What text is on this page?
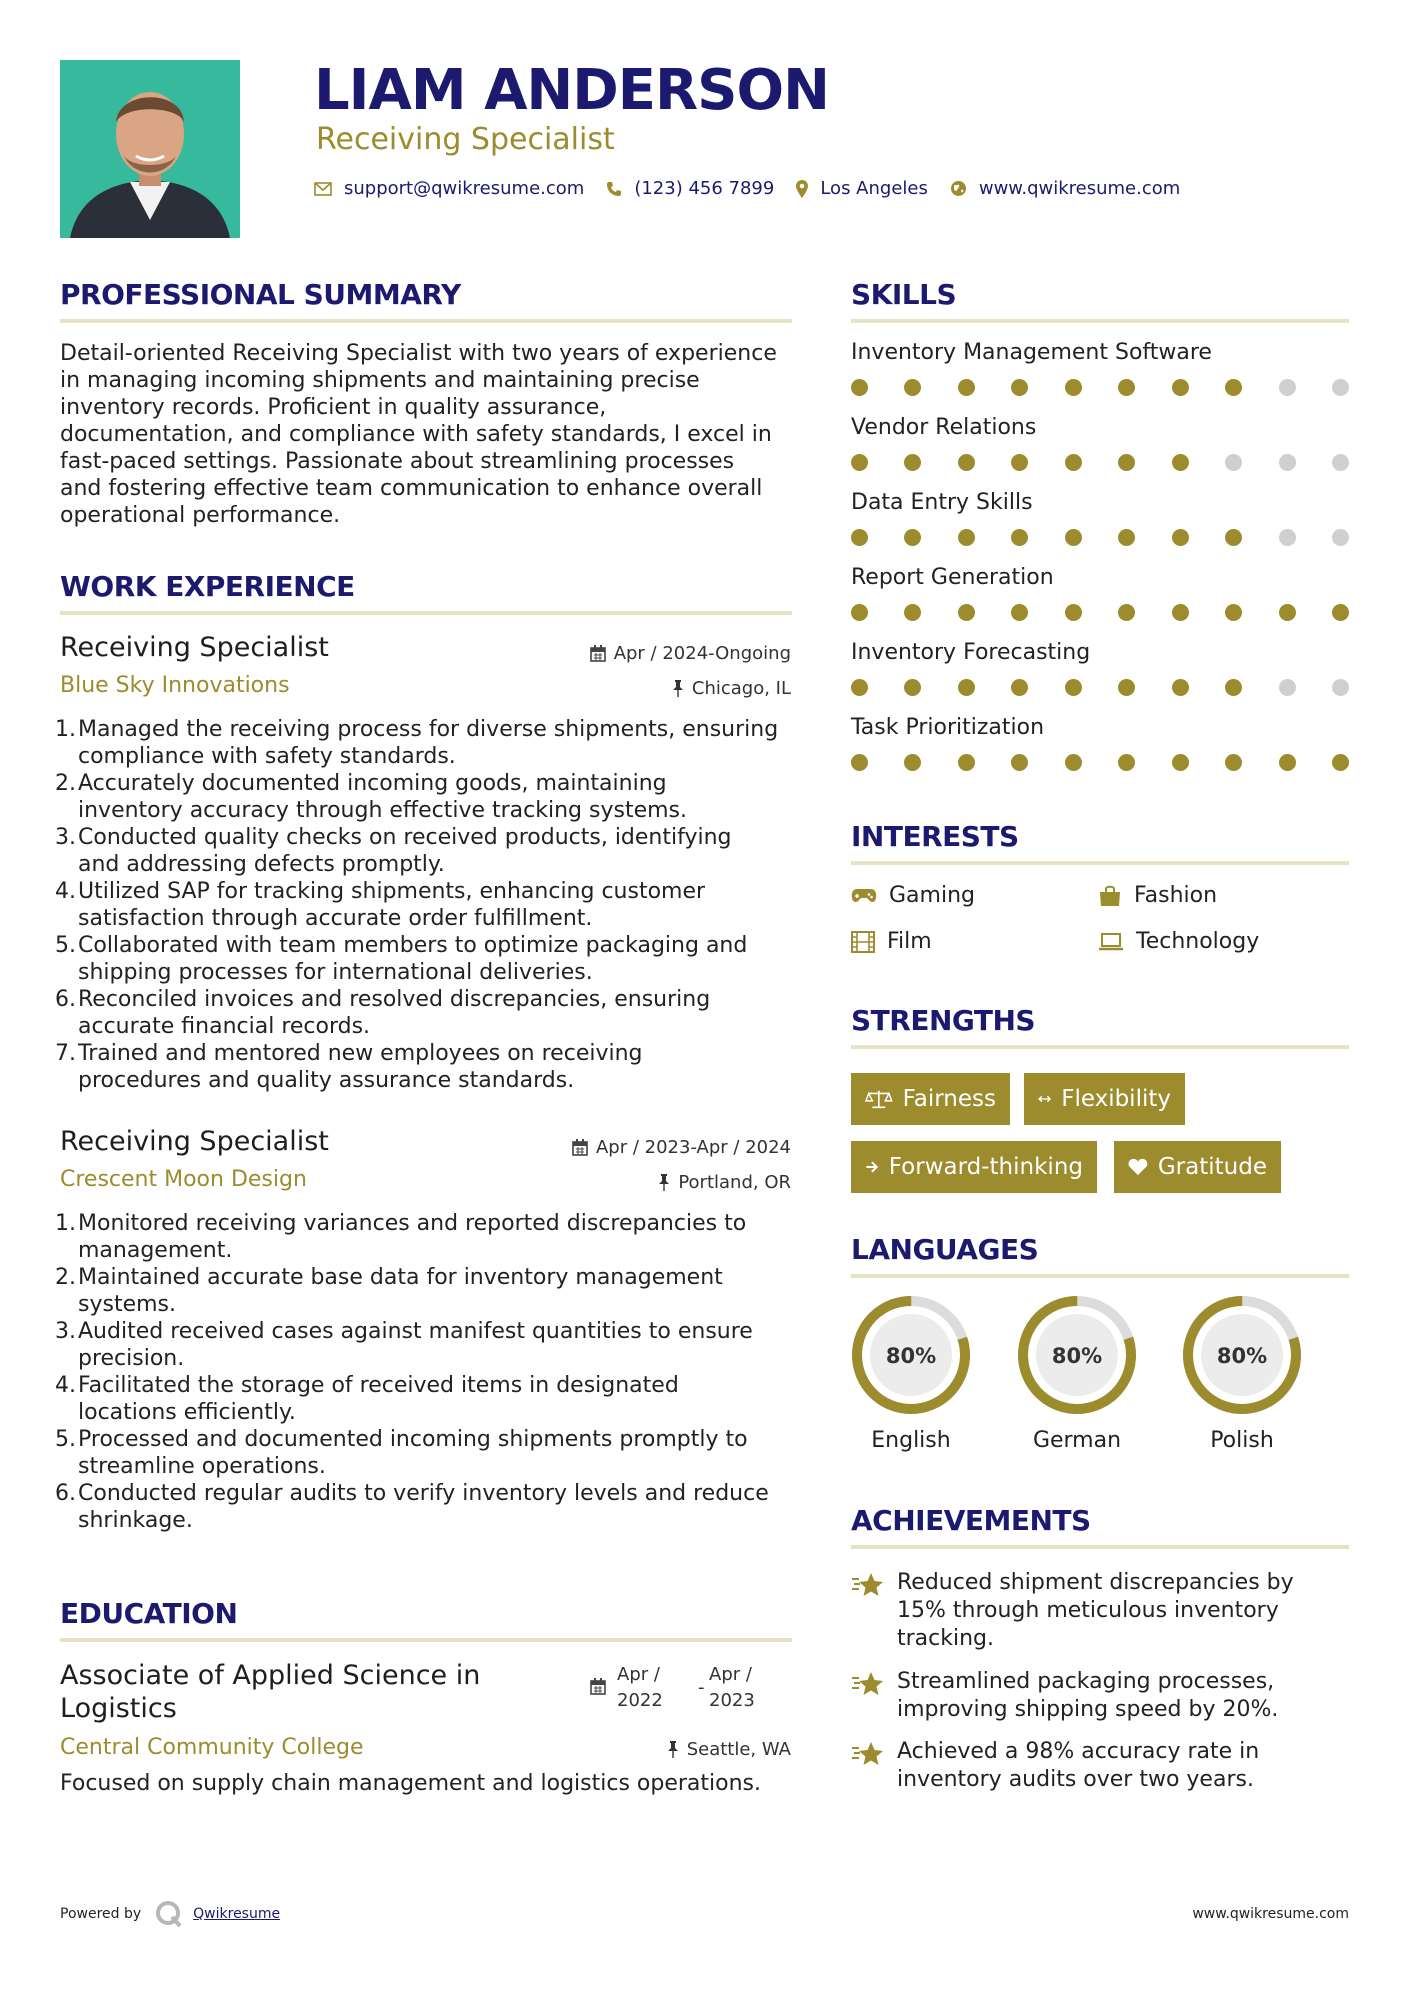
LIAM ANDERSON
Receiving Specialist
support@qwikresume.com	(123) 456 7899	Los Angeles	www.qwikresume.com
PROFESSIONAL SUMMARY
Detail-oriented Receiving Specialist with two years of experience
in managing incoming shipments and maintaining precise
inventory records. Proficient in quality assurance,
documentation, and compliance with safety standards, I excel in
fast-paced settings. Passionate about streamlining processes
and fostering effective team communication to enhance overall
operational performance.
WORK EXPERIENCE
Receiving Specialist	Apr / 2024-Ongoing
Blue Sky Innovations	Chicago, IL
1. Managed the receiving process for diverse shipments, ensuring
compliance with safety standards.
2. Accurately documented incoming goods, maintaining
inventory accuracy through effective tracking systems.
3. Conducted quality checks on received products, identifying
and addressing defects promptly.
4. Utilized SAP for tracking shipments, enhancing customer
satisfaction through accurate order fulfillment.
5. Collaborated with team members to optimize packaging and
shipping processes for international deliveries.
6. Reconciled invoices and resolved discrepancies, ensuring
accurate financial records.
7. Trained and mentored new employees on receiving
procedures and quality assurance standards.
Receiving Specialist	Apr / 2023-Apr / 2024
Crescent Moon Design	Portland, OR
1. Monitored receiving variances and reported discrepancies to
management.
2. Maintained accurate base data for inventory management
systems.
3. Audited received cases against manifest quantities to ensure
precision.
4. Facilitated the storage of received items in designated
locations efficiently.
5. Processed and documented incoming shipments promptly to
streamline operations.
6. Conducted regular audits to verify inventory levels and reduce
shrinkage.
EDUCATION
Associate of Applied Science in
Logistics
Apr /
2022
-
Apr /
2023
Central Community College	Seattle, WA
Focused on supply chain management and logistics operations.
SKILLS
Inventory Management Software
Vendor Relations
Data Entry Skills
Report Generation
Inventory Forecasting
Task Prioritization
INTERESTS
Gaming	Fashion
Film	Technology
STRENGTHS
Fairness	Flexibility
Forward-thinking	Gratitude
LANGUAGES
80%
English
80%
German
80%
Polish
ACHIEVEMENTS
Reduced shipment discrepancies by
15% through meticulous inventory
tracking.
Streamlined packaging processes,
improving shipping speed by 20%.
Achieved a 98% accuracy rate in
inventory audits over two years.
Powered by	Qwikresume	www.qwikresume.com
